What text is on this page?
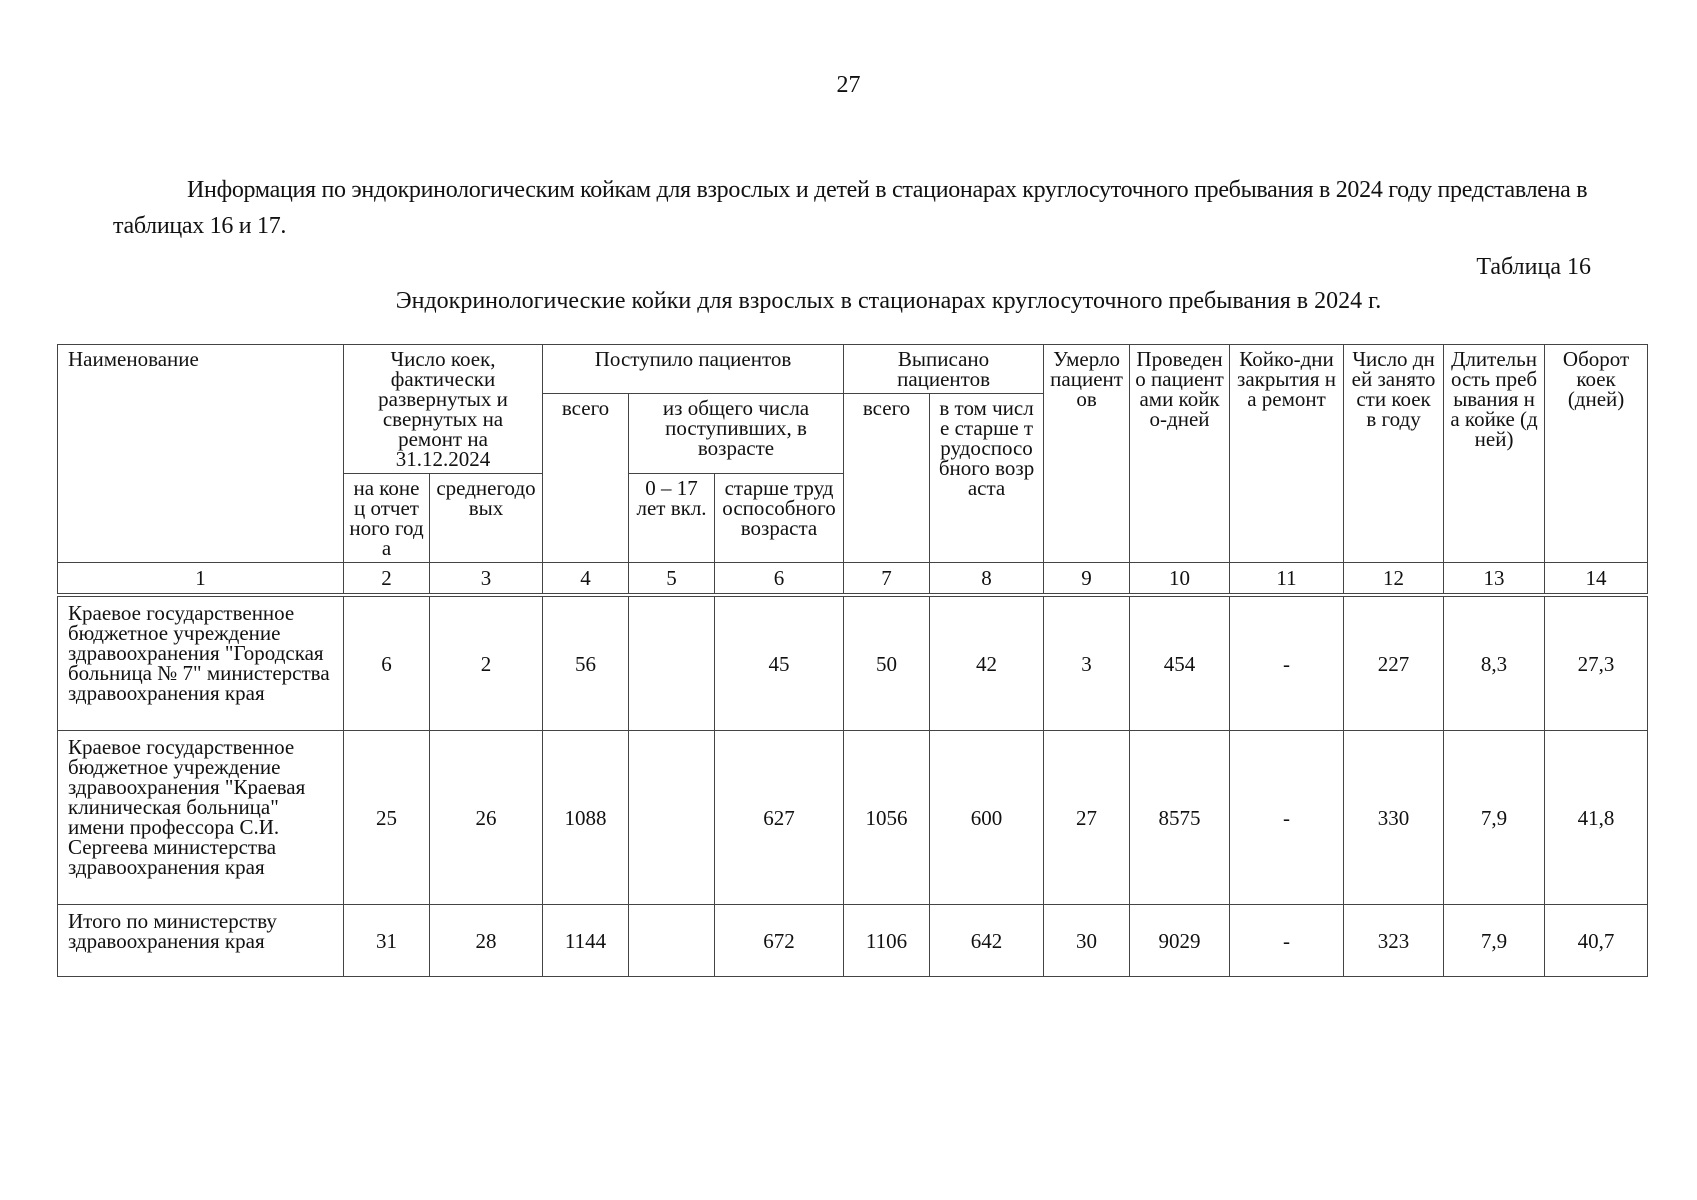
27
Информация по эндокринологическим койкам для взрослых и детей в стационарах круглосуточного пребывания в 2024 году представлена в таблицах 16 и 17.
Таблица 16
Эндокринологические койки для взрослых в стационарах круглосуточного пребывания в 2024 г.
Наименование	Число коек, фактически развернутых и свернутых на ремонт на 31.12.2024		Поступило пациентов			Выписано пациентов		Умерло пациентов	Проведено пациентами койко-дней	Койко-дни закрытия на ремонт	Число дней занятости коек в году	Длительность пребывания на койке (дней)	Оборот коек (дней)
			всего	из общего числа поступивших, в возрасте		всего	в том числе старше трудоспособного возраста						
	на конец отчетного года	среднегодовых		0 – 17 лет вкл.	старше трудоспособного возраста								
1	2	3	4	5	6	7	8	9	10	11	12	13	14

Краевое государственное бюджетное учреждение здравоохранения "Городская больница № 7" министерства здравоохранения края	6	2	56		45	50	42	3	454	-	227	8,3	27,3
Краевое государственное бюджетное учреждение здравоохранения "Краевая клиническая больница" имени профессора С.И. Сергеева министерства здравоохранения края	25	26	1088		627	1056	600	27	8575	-	330	7,9	41,8
Итого по министерству здравоохранения края	31	28	1144		672	1106	642	30	9029	-	323	7,9	40,7
